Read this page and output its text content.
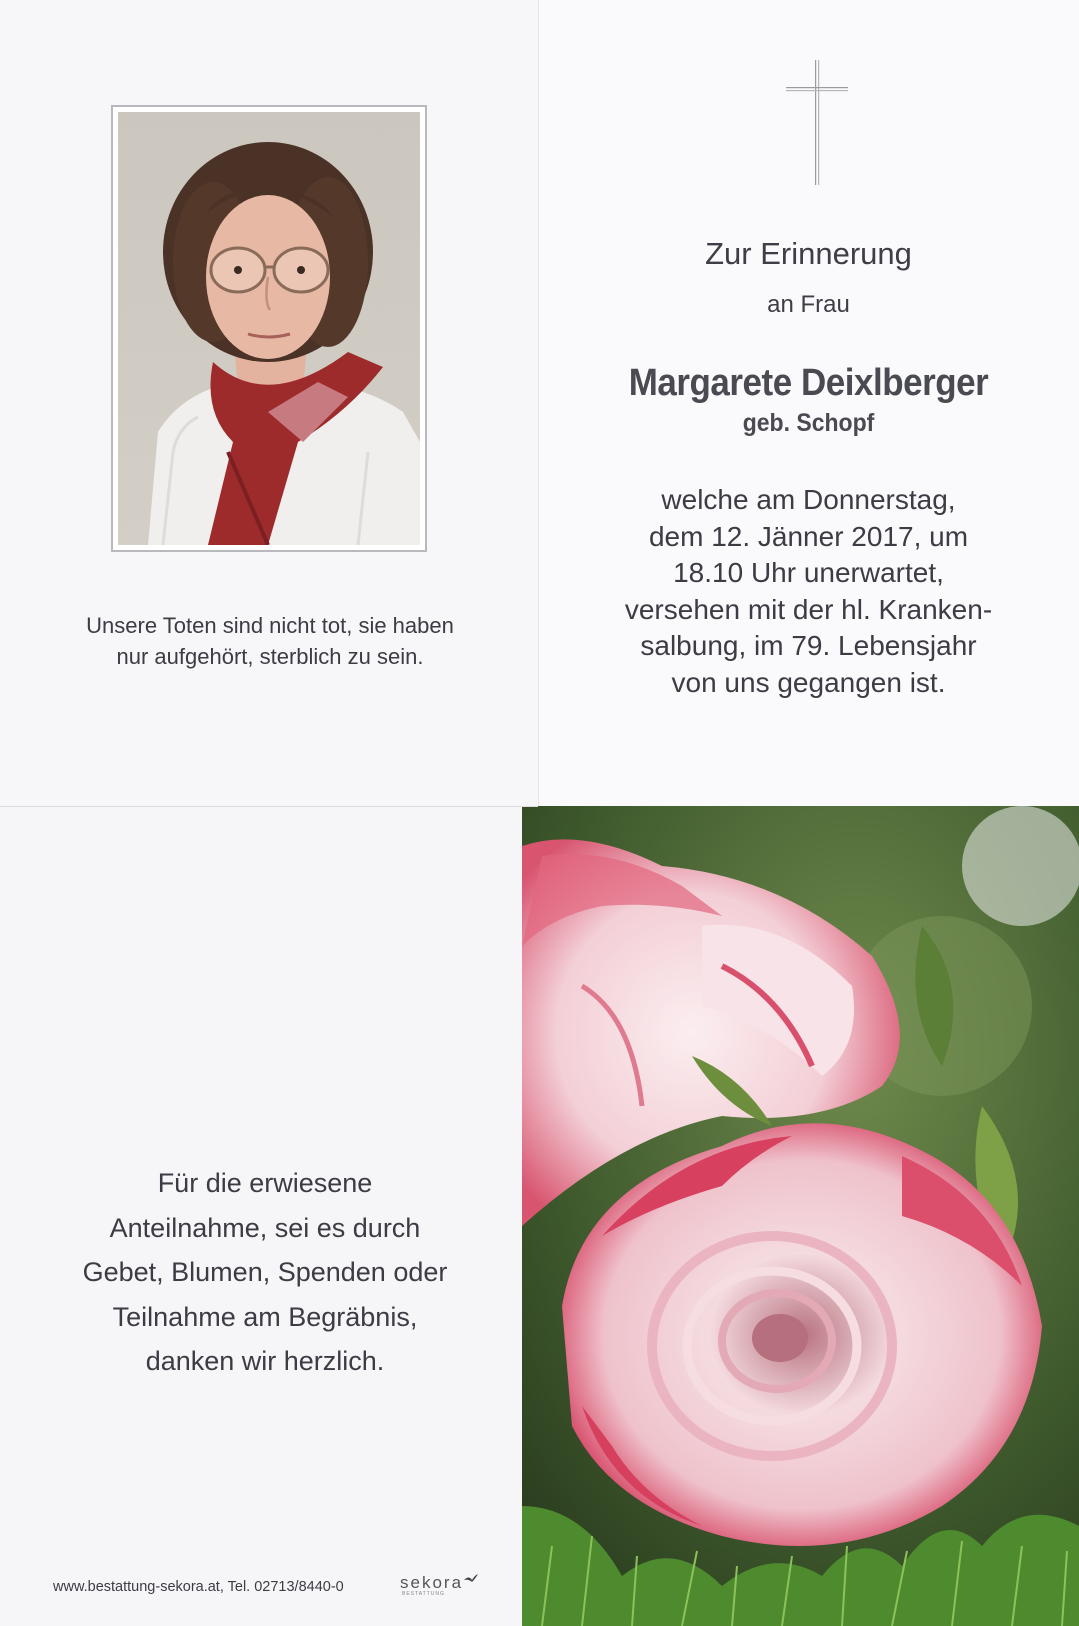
Unsere Toten sind nicht tot, sie haben
nur aufgehört, sterblich zu sein.
Zur Erinnerung
an Frau
Margarete Deixlberger
geb. Schopf
welche am Donnerstag,
dem 12. Jänner 2017, um
18.10 Uhr unerwartet,
versehen mit der hl. Kranken-
salbung, im 79. Lebensjahr
von uns gegangen ist.
Für die erwiesene
Anteilnahme, sei es durch
Gebet, Blumen, Spenden oder
Teilnahme am Begräbnis,
danken wir herzlich.
www.bestattung-sekora.at, Tel. 02713/8440-0	sekora
BESTATTUNG
